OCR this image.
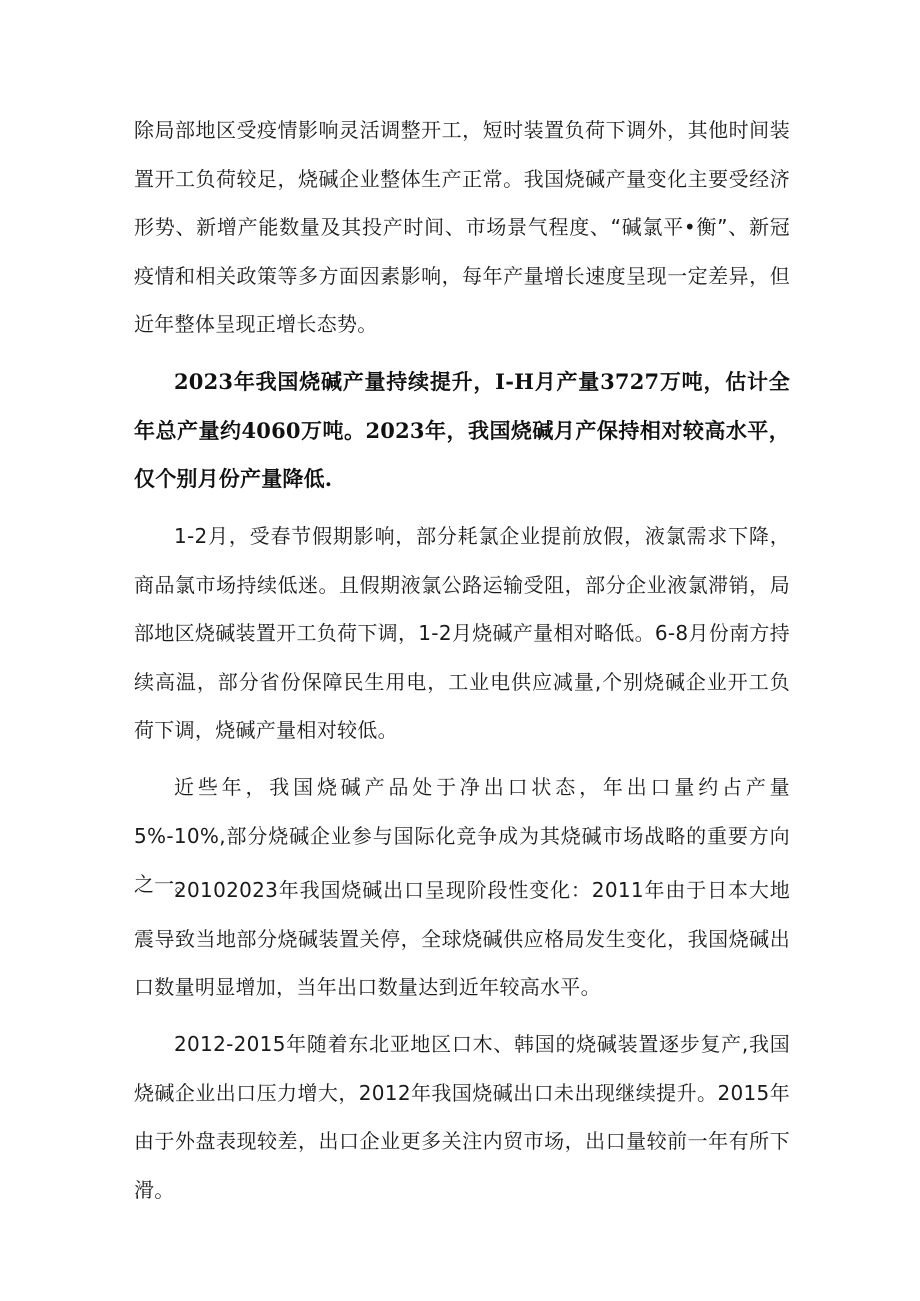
除局部地区受疫情影响灵活调整开工，短时装置负荷下调外，其他时间装置开工负荷较足，烧碱企业整体生产正常。我国烧碱产量变化主要受经济形势、新增产能数量及其投产时间、市场景气程度、“碱氯平•衡”、新冠疫情和相关政策等多方面因素影响，每年产量增长速度呈现一定差异，但近年整体呈现正增长态势。

2023年我国烧碱产量持续提升，I-H月产量3727万吨，估计全年总产量约4060万吨。2023年，我国烧碱月产保持相对较高水平，仅个别月份产量降低.

1-2月，受春节假期影响，部分耗氯企业提前放假，液氯需求下降，商品氯市场持续低迷。且假期液氯公路运输受阻，部分企业液氯滞销，局部地区烧碱装置开工负荷下调，1-2月烧碱产量相对略低。6-8月份南方持续高温，部分省份保障民生用电，工业电供应减量,个别烧碱企业开工负荷下调，烧碱产量相对较低。

近些年，我国烧碱产品处于净出口状态，年出口量约占产量5%-10%,部分烧碱企业参与国际化竞争成为其烧碱市场战略的重要方向之一。

20102023年我国烧碱出口呈现阶段性变化：2011年由于日本大地震导致当地部分烧碱装置关停，全球烧碱供应格局发生变化，我国烧碱出口数量明显增加，当年出口数量达到近年较高水平。

2012-2015年随着东北亚地区口木、韩国的烧碱装置逐步复产,我国烧碱企业出口压力增大，2012年我国烧碱出口未出现继续提升。2015年由于外盘表现较差，出口企业更多关注内贸市场，出口量较前一年有所下滑。
